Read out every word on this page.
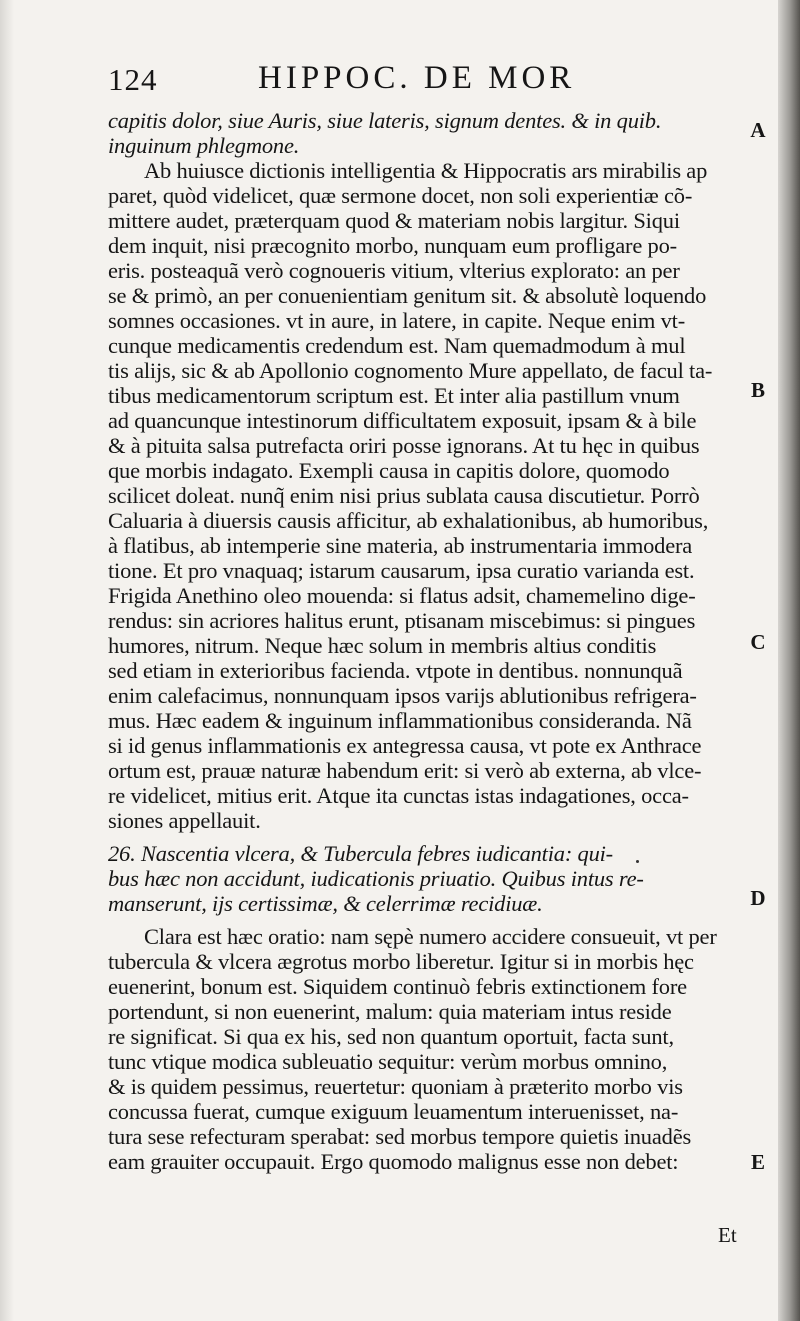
124	HIPPOC. DE MOR
capitis dolor, siue Auris, siue lateris, signum dentes. & in quib.
inguinum phlegmone.
Ab huiusce dictionis intelligentia & Hippocratis ars mirabilis ap
paret, quòd videlicet, quæ sermone docet, non soli experientiæ cõ-
mittere audet, præterquam quod & materiam nobis largitur. Siqui
dem inquit, nisi præcognito morbo, nunquam eum profligare po-
eris. posteaquã verò cognoueris vitium, vlterius explorato: an per
se & primò, an per conuenientiam genitum sit. & absolutè loquendo
somnes occasiones. vt in aure, in latere, in capite. Neque enim vt-
cunque medicamentis credendum est. Nam quemadmodum à mul
tis alijs, sic & ab Apollonio cognomento Mure appellato, de facul ta-
tibus medicamentorum scriptum est. Et inter alia pastillum vnum
ad quancunque intestinorum difficultatem exposuit, ipsam & à bile
& à pituita salsa putrefacta oriri posse ignorans. At tu hęc in quibus
que morbis indagato. Exempli causa in capitis dolore, quomodo
scilicet doleat. nunq̃ enim nisi prius sublata causa discutietur. Porrò
Caluaria à diuersis causis afficitur, ab exhalationibus, ab humoribus,
à flatibus, ab intemperie sine materia, ab instrumentaria immodera
tione. Et pro vnaquaq; istarum causarum, ipsa curatio varianda est.
Frigida Anethino oleo mouenda: si flatus adsit, chamemelino dige-
rendus: sin acriores halitus erunt, ptisanam miscebimus: si pingues
humores, nitrum. Neque hæc solum in membris altius conditis
sed etiam in exterioribus facienda. vtpote in dentibus. nonnunquã
enim calefacimus, nonnunquam ipsos varijs ablutionibus refrigera-
mus. Hæc eadem & inguinum inflammationibus consideranda. Nã
si id genus inflammationis ex antegressa causa, vt pote ex Anthrace
ortum est, prauæ naturæ habendum erit: si verò ab externa, ab vlce-
re videlicet, mitius erit. Atque ita cunctas istas indagationes, occa-
siones appellauit.
26. Nascentia vlcera, & Tubercula febres iudicantia: qui-
bus hæc non accidunt, iudicationis priuatio. Quibus intus re-
manserunt, ijs certissimæ, & celerrimæ recidiuæ.
Clara est hæc oratio: nam sępè numero accidere consueuit, vt per
tubercula & vlcera ægrotus morbo liberetur. Igitur si in morbis hęc
euenerint, bonum est. Siquidem continuò febris extinctionem fore
portendunt, si non euenerint, malum: quia materiam intus reside
re significat. Si qua ex his, sed non quantum oportuit, facta sunt,
tunc vtique modica subleuatio sequitur: verùm morbus omnino,
& is quidem pessimus, reuertetur: quoniam à præterito morbo vis
concussa fuerat, cumque exiguum leuamentum interuenisset, na-
tura sese refecturam sperabat: sed morbus tempore quietis inuadẽs
eam grauiter occupauit. Ergo quomodo malignus esse non debet:
A
B
C
D
E
Et
